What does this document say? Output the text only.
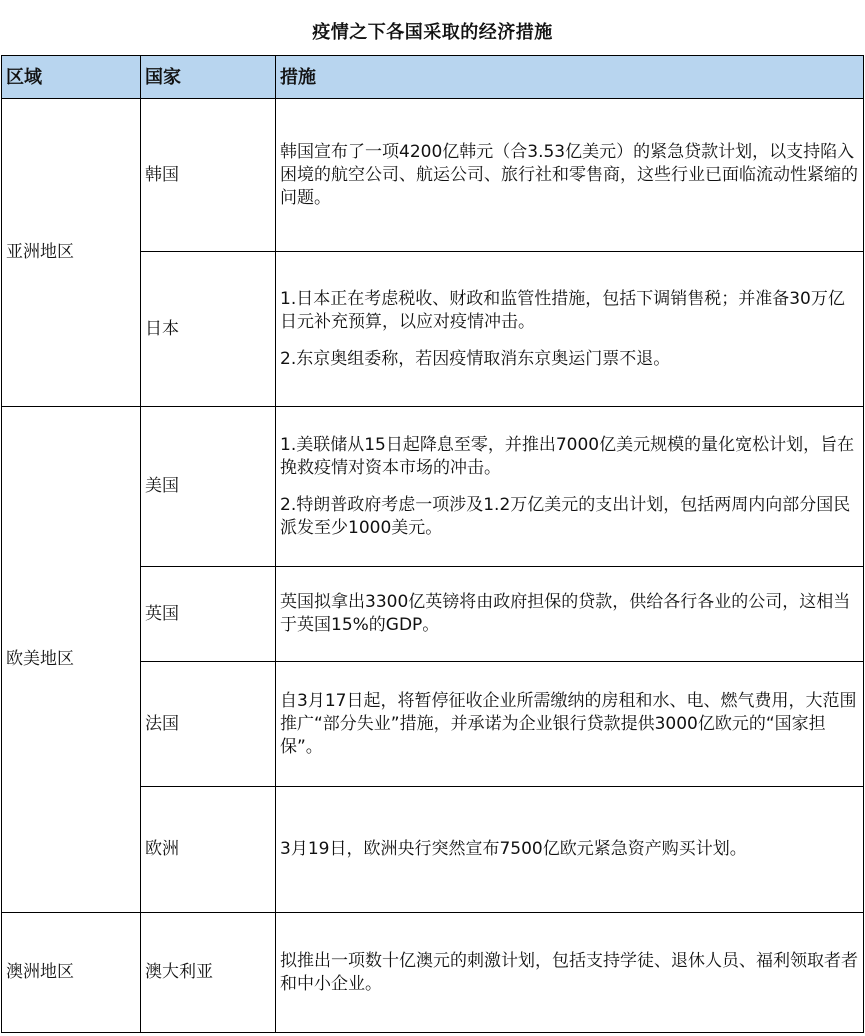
疫情之下各国采取的经济措施
区域	国家	措施
亚洲地区	韩国	韩国宣布了一项4200亿韩元（合3.53亿美元）的紧急贷款计划，以支持陷入困境的航空公司、航运公司、旅行社和零售商，这些行业已面临流动性紧缩的问题。

	日本	1.日本正在考虑税收、财政和监管性措施，包括下调销售税；并准备30万亿日元补充预算，以应对疫情冲击。

2.东京奥组委称，若因疫情取消东京奥运门票不退。

欧美地区	美国	1.美联储从15日起降息至零，并推出7000亿美元规模的量化宽松计划，旨在挽救疫情对资本市场的冲击。

2.特朗普政府考虑一项涉及1.2万亿美元的支出计划，包括两周内向部分国民派发至少1000美元。

	英国	英国拟拿出3300亿英镑将由政府担保的贷款，供给各行各业的公司，这相当于英国15%的GDP。

	法国	自3月17日起，将暂停征收企业所需缴纳的房租和水、电、燃气费用，大范围推广“部分失业”措施，并承诺为企业银行贷款提供3000亿欧元的“国家担保”。

	欧洲	3月19日，欧洲央行突然宣布7500亿欧元紧急资产购买计划。

澳洲地区	澳大利亚	拟推出一项数十亿澳元的刺激计划，包括支持学徒、退休人员、福利领取者者和中小企业。
